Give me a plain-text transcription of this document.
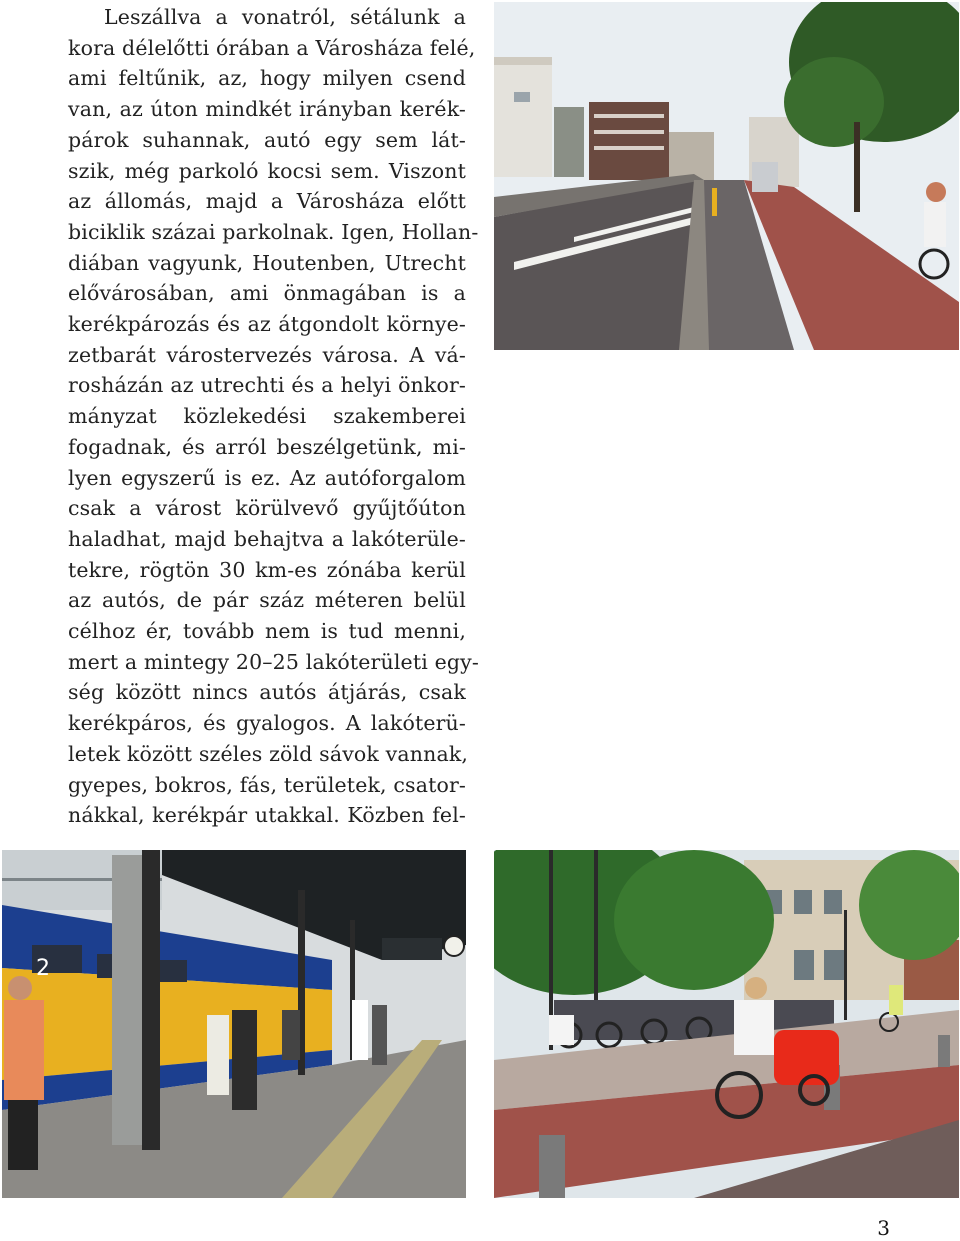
Leszállva a vonatról, sétálunk a
kora délelőtti órában a Városháza felé,
ami feltűnik, az, hogy milyen csend
van, az úton mindkét irányban kerék-
párok suhannak, autó egy sem lát-
szik, még parkoló kocsi sem. Viszont
az állomás, majd a Városháza előtt
biciklik százai parkolnak. Igen, Hollan-
diában vagyunk, Houtenben, Utrecht
elővárosában, ami önmagában is a
kerékpározás és az átgondolt környe-
zetbarát várostervezés városa. A vá-
rosházán az utrechti és a helyi önkor-
mányzat közlekedési szakemberei
fogadnak, és arról beszélgetünk, mi-
lyen egyszerű is ez. Az autóforgalom
csak a várost körülvevő gyűjtőúton
haladhat, majd behajtva a lakóterüle-
tekre, rögtön 30 km-es zónába kerül
az autós, de pár száz méteren belül
célhoz ér, tovább nem is tud menni,
mert a mintegy 20–25 lakóterületi egy-
ség között nincs autós átjárás, csak
kerékpáros, és gyalogos. A lakóterü-
letek között széles zöld sávok vannak,
gyepes, bokros, fás, területek, csator-
nákkal, kerékpár utakkal. Közben fel-
2
3
